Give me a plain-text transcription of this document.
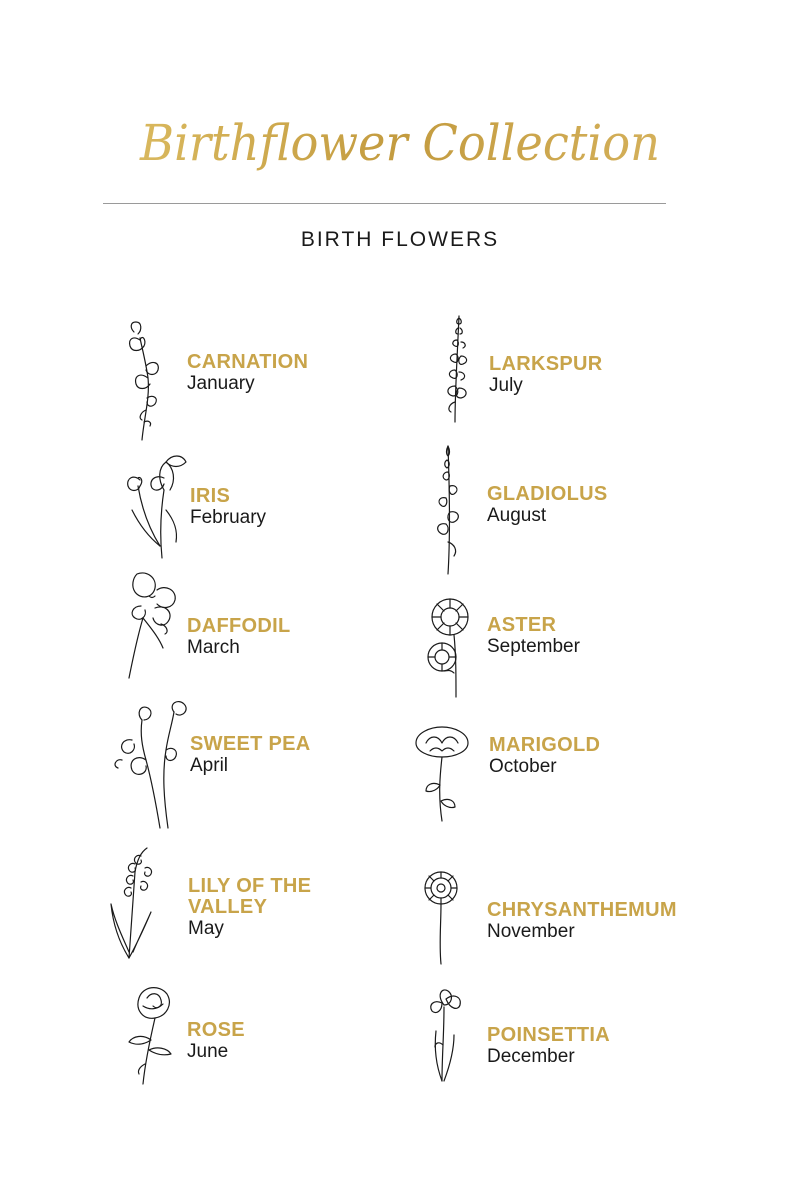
Birthflower Collection
BIRTH FLOWERS
CARNATION
January
IRIS
February
DAFFODIL
March
SWEET PEA
April
LILY OF THE VALLEY
May
ROSE
June
LARKSPUR
July
GLADIOLUS
August
ASTER
September
MARIGOLD
October
CHRYSANTHEMUM
November
POINSETTIA
December
